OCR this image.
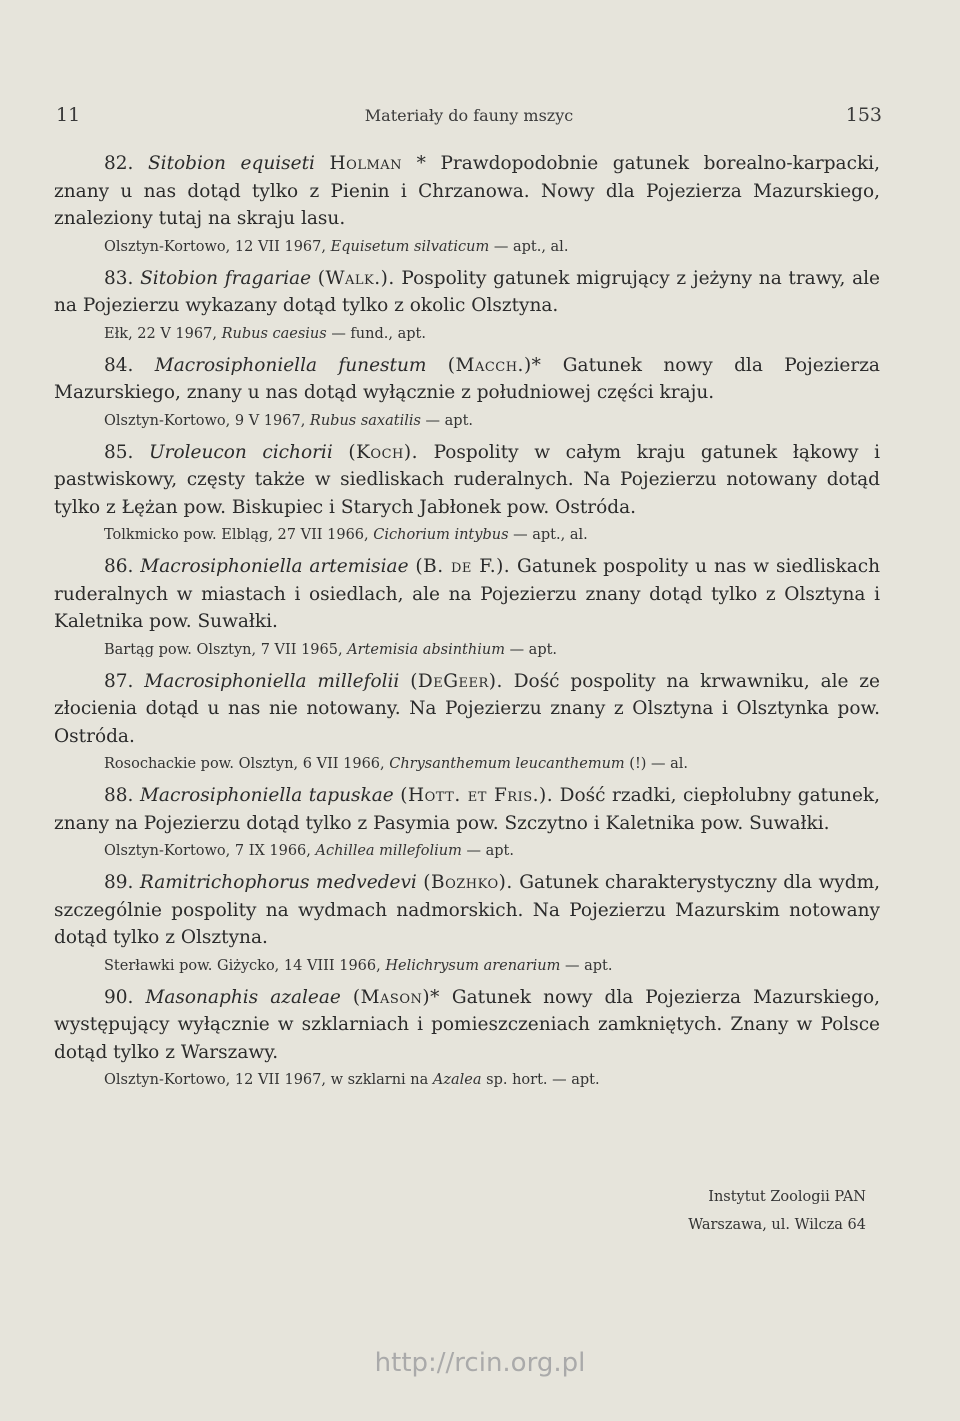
11	Materiały do fauny mszyc	153

82. Sitobion equiseti Holman * Prawdopodobnie gatunek borealno-karpacki, znany u nas dotąd tylko z Pienin i Chrzanowa. Nowy dla Pojezierza Mazurskiego, znaleziony tutaj na skraju lasu.

Olsztyn-Kortowo, 12 VII 1967, Equisetum silvaticum — apt., al.

83. Sitobion fragariae (Walk.). Pospolity gatunek migrujący z jeżyny na trawy, ale na Pojezierzu wykazany dotąd tylko z okolic Olsztyna.

Ełk, 22 V 1967, Rubus caesius — fund., apt.

84. Macrosiphoniella funestum (Macch.)* Gatunek nowy dla Pojezierza Mazurskiego, znany u nas dotąd wyłącznie z południowej części kraju.

Olsztyn-Kortowo, 9 V 1967, Rubus saxatilis — apt.

85. Uroleucon cichorii (Koch). Pospolity w całym kraju gatunek łąkowy i pastwiskowy, częsty także w siedliskach ruderalnych. Na Pojezierzu notowany dotąd tylko z Łężan pow. Biskupiec i Starych Jabłonek pow. Ostróda.

Tolkmicko pow. Elbląg, 27 VII 1966, Cichorium intybus — apt., al.

86. Macrosiphoniella artemisiae (B. de F.). Gatunek pospolity u nas w siedliskach ruderalnych w miastach i osiedlach, ale na Pojezierzu znany dotąd tylko z Olsztyna i Kaletnika pow. Suwałki.

Bartąg pow. Olsztyn, 7 VII 1965, Artemisia absinthium — apt.

87. Macrosiphoniella millefolii (DeGeer). Dość pospolity na krwawniku, ale ze złocienia dotąd u nas nie notowany. Na Pojezierzu znany z Olsztyna i Olsztynka pow. Ostróda.

Rosochackie pow. Olsztyn, 6 VII 1966, Chrysanthemum leucanthemum (!) — al.

88. Macrosiphoniella tapuskae (Hott. et Fris.). Dość rzadki, ciepłolubny gatunek, znany na Pojezierzu dotąd tylko z Pasymia pow. Szczytno i Kaletnika pow. Suwałki.

Olsztyn-Kortowo, 7 IX 1966, Achillea millefolium — apt.

89. Ramitrichophorus medvedevi (Bozhko). Gatunek charakterystyczny dla wydm, szczególnie pospolity na wydmach nadmorskich. Na Pojezierzu Mazurskim notowany dotąd tylko z Olsztyna.

Sterławki pow. Giżycko, 14 VIII 1966, Helichrysum arenarium — apt.

90. Masonaphis azaleae (Mason)* Gatunek nowy dla Pojezierza Mazurskiego, występujący wyłącznie w szklarniach i pomieszczeniach zamkniętych. Znany w Polsce dotąd tylko z Warszawy.

Olsztyn-Kortowo, 12 VII 1967, w szklarni na Azalea sp. hort. — apt.
Instytut Zoologii PAN
Warszawa, ul. Wilcza 64
http://rcin.org.pl
